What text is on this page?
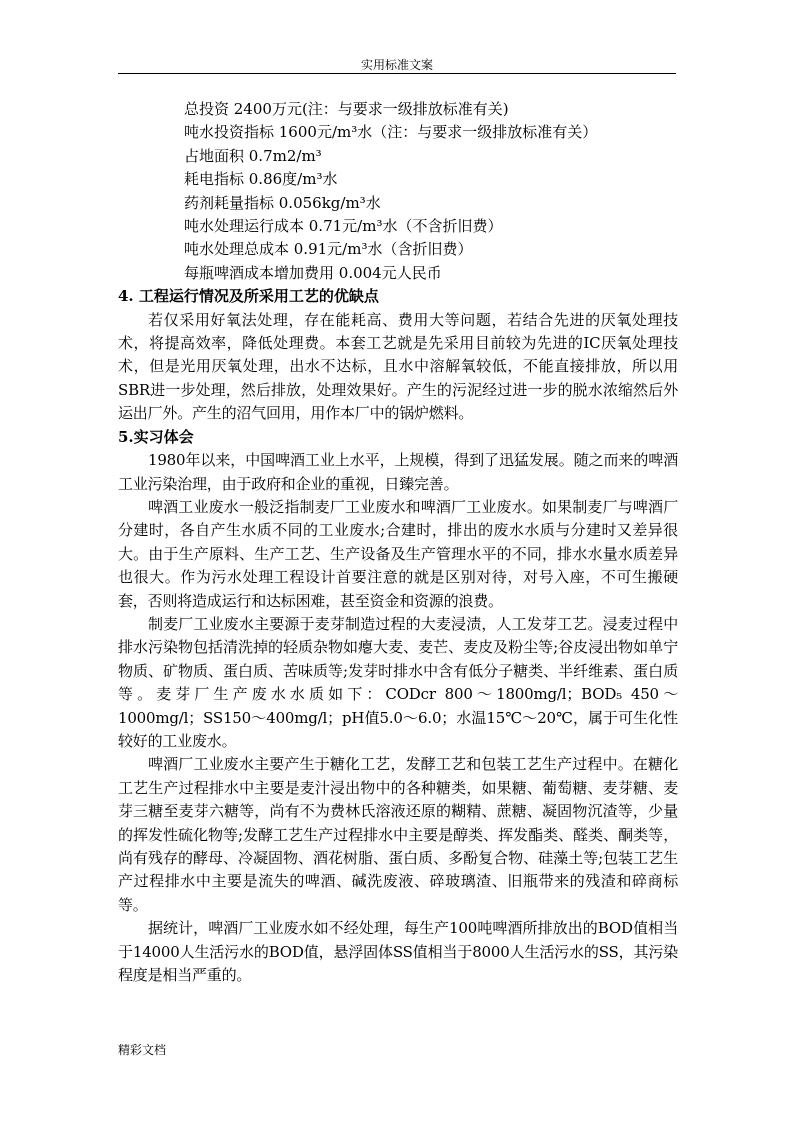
实用标准文案
总投资 2400万元(注：与要求一级排放标准有关)
吨水投资指标 1600元/m³水（注：与要求一级排放标准有关）
占地面积 0.7m2/m³
耗电指标 0.86度/m³水
药剂耗量指标 0.056kg/m³水
吨水处理运行成本 0.71元/m³水（不含折旧费）
吨水处理总成本 0.91元/m³水（含折旧费）
每瓶啤酒成本增加费用 0.004元人民币
4. 工程运行情况及所采用工艺的优缺点

若仅采用好氧法处理，存在能耗高、费用大等问题，若结合先进的厌氧处理技术，将提高效率，降低处理费。本套工艺就是先采用目前较为先进的IC厌氧处理技术，但是光用厌氧处理，出水不达标，且水中溶解氧较低，不能直接排放，所以用SBR进一步处理，然后排放，处理效果好。产生的污泥经过进一步的脱水浓缩然后外运出厂外。产生的沼气回用，用作本厂中的锅炉燃料。

5.实习体会

1980年以来，中国啤酒工业上水平，上规模，得到了迅猛发展。随之而来的啤酒工业污染治理，由于政府和企业的重视，日臻完善。

啤酒工业废水一般泛指制麦厂工业废水和啤酒厂工业废水。如果制麦厂与啤酒厂分建时，各自产生水质不同的工业废水;合建时，排出的废水水质与分建时又差异很大。由于生产原料、生产工艺、生产设备及生产管理水平的不同，排水水量水质差异也很大。作为污水处理工程设计首要注意的就是区别对待，对号入座，不可生搬硬套，否则将造成运行和达标困难，甚至资金和资源的浪费。

制麦厂工业废水主要源于麦芽制造过程的大麦浸渍，人工发芽工艺。浸麦过程中排水污染物包括清洗掉的轻质杂物如瘪大麦、麦芒、麦皮及粉尘等;谷皮浸出物如单宁物质、矿物质、蛋白质、苦味质等;发芽时排水中含有低分子糖类、半纤维素、蛋白质等。麦芽厂生产废水水质如下：CODcr 800～1800mg/l；BOD₅ 450～1000mg/l；SS150～400mg/l；pH值5.0～6.0；水温15℃～20℃，属于可生化性较好的工业废水。

啤酒厂工业废水主要产生于糖化工艺，发酵工艺和包装工艺生产过程中。在糖化工艺生产过程排水中主要是麦汁浸出物中的各种糖类，如果糖、葡萄糖、麦芽糖、麦芽三糖至麦芽六糖等，尚有不为费林氏溶液还原的糊精、蔗糖、凝固物沉渣等，少量的挥发性硫化物等;发酵工艺生产过程排水中主要是醇类、挥发酯类、醛类、酮类等，尚有残存的酵母、冷凝固物、酒花树脂、蛋白质、多酚复合物、硅藻土等;包装工艺生产过程排水中主要是流失的啤酒、碱洗废液、碎玻璃渣、旧瓶带来的残渣和碎商标等。

据统计，啤酒厂工业废水如不经处理，每生产100吨啤酒所排放出的BOD值相当于14000人生活污水的BOD值，悬浮固体SS值相当于8000人生活污水的SS，其污染程度是相当严重的。

精彩文档
